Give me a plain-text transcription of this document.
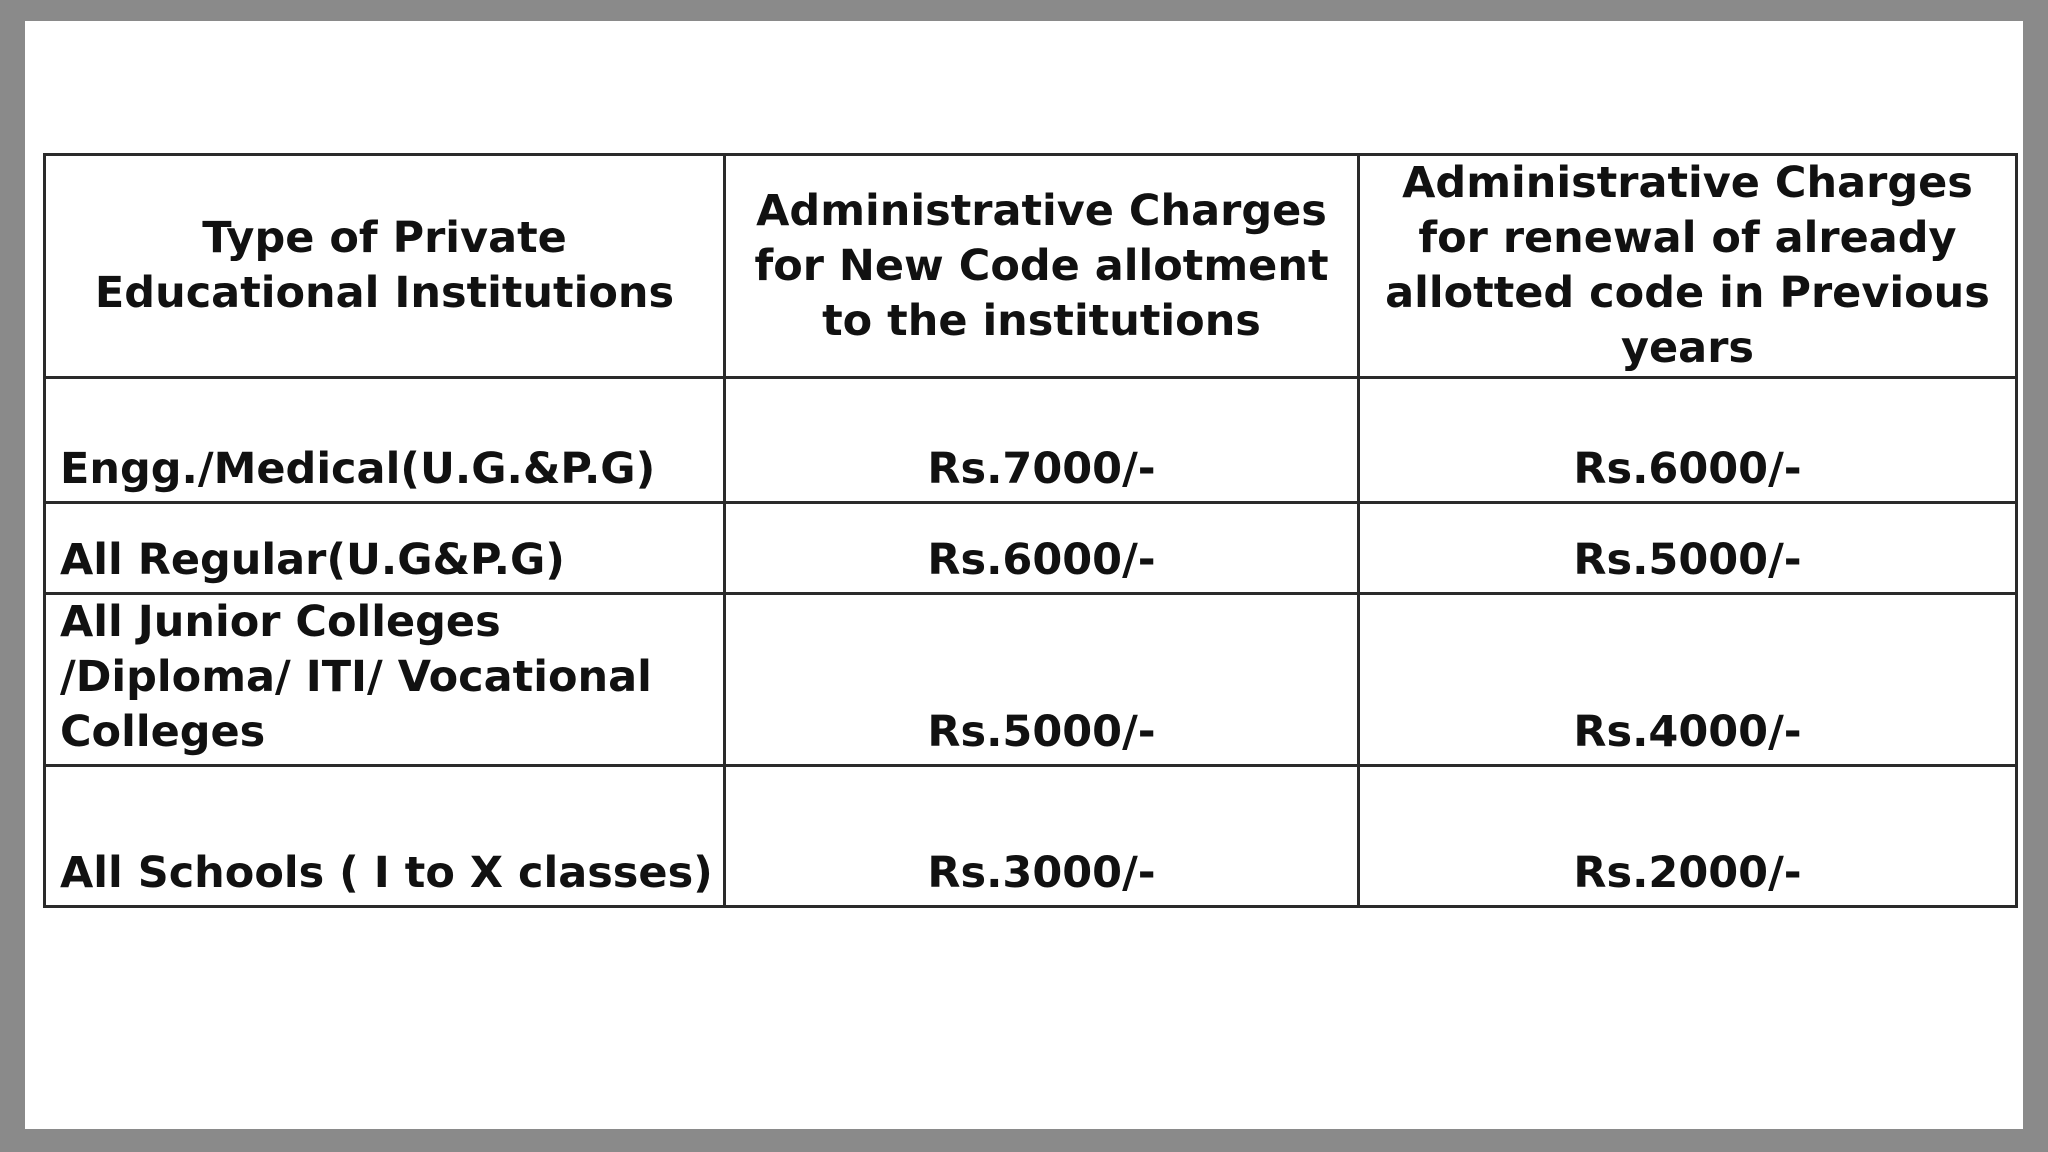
Type of Private Educational Institutions	Administrative Charges for New Code allotment to the institutions	Administrative Charges for renewal of already allotted code in Previous years
Engg./Medical(U.G.&P.G)	Rs.7000/-	Rs.6000/-
All Regular(U.G&P.G)	Rs.6000/-	Rs.5000/-
All Junior Colleges /Diploma/ ITI/ Vocational Colleges	Rs.5000/-	Rs.4000/-
All Schools ( I to X classes)	Rs.3000/-	Rs.2000/-
